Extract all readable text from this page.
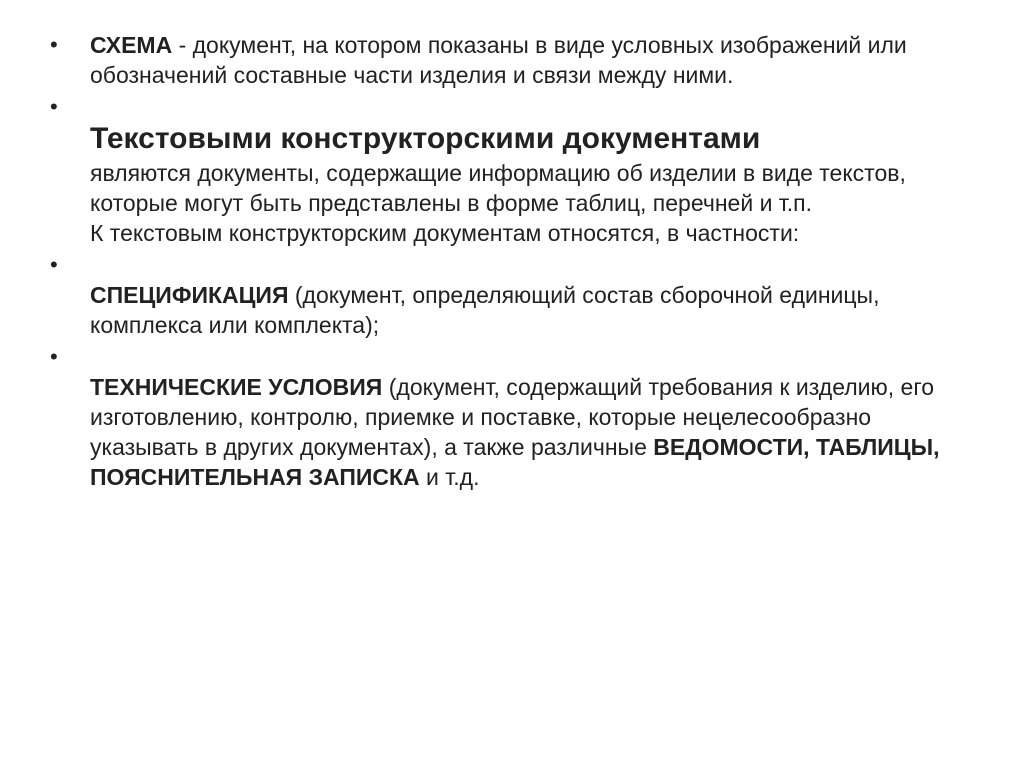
•	СХЕМА - документ, на котором показаны в виде условных изображений или обозначений составные части изделия и связи между ними.
•
Текстовыми конструкторскими документами
являются документы, содержащие информацию об изделии в виде текстов, которые могут быть представлены в форме таблиц, перечней и т.п.
К текстовым конструкторским документам относятся, в частности:
•
СПЕЦИФИКАЦИЯ (документ, определяющий состав сборочной единицы, комплекса или комплекта);
•
ТЕХНИЧЕСКИЕ УСЛОВИЯ (документ, содержащий требования к изделию, его изготовлению, контролю, приемке и поставке, которые нецелесообразно указывать в других документах), а также различные ВЕДОМОСТИ, ТАБЛИЦЫ, ПОЯСНИТЕЛЬНАЯ ЗАПИСКА и т.д.
